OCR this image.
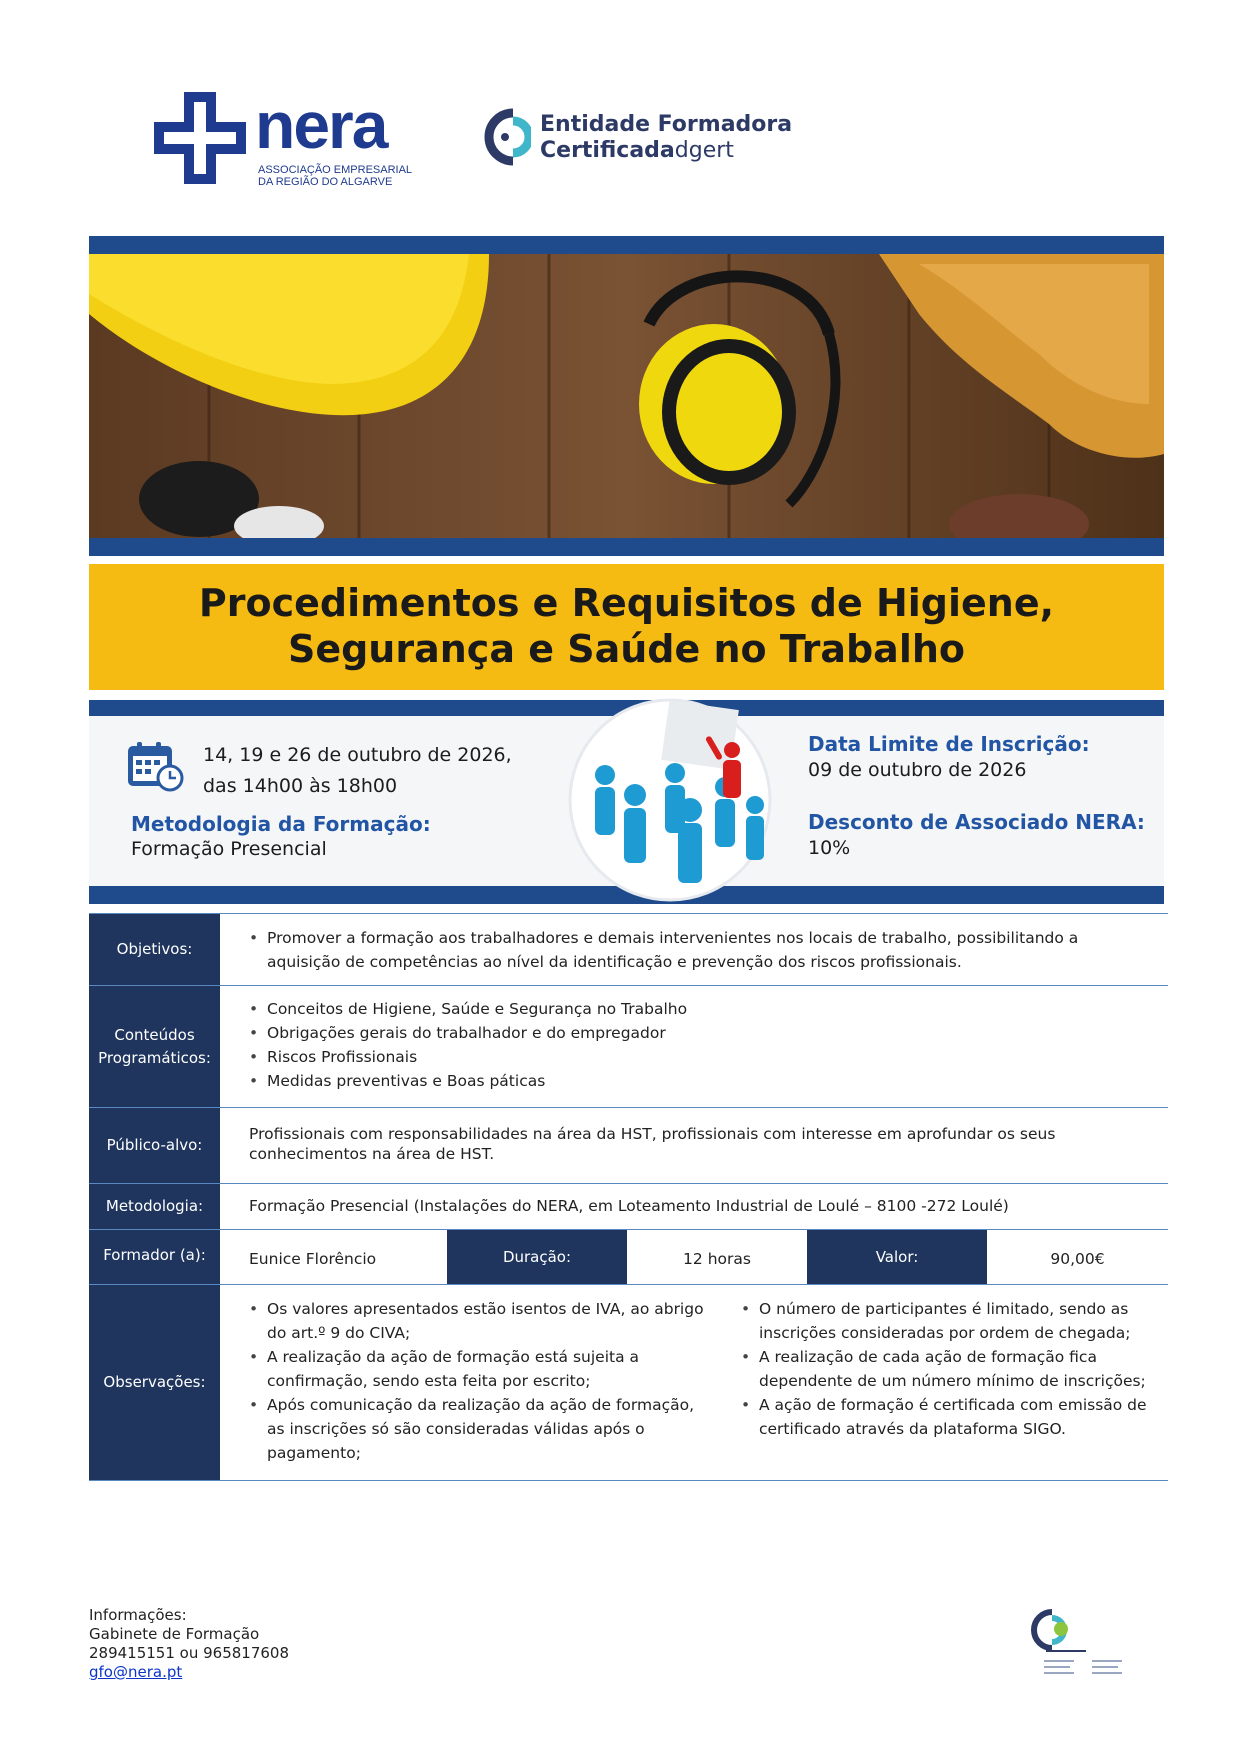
nera
ASSOCIAÇÃO EMPRESARIAL
DA REGIÃO DO ALGARVE
Entidade Formadora
Certificadadgert
Procedimentos e Requisitos de Higiene,
Segurança e Saúde no Trabalho
14, 19 e 26 de outubro de 2026,
das 14h00 às 18h00
Metodologia da Formação:
Formação Presencial
Data Limite de Inscrição:
09 de outubro de 2026
Desconto de Associado NERA:
10%
Objetivos:
• Promover a formação aos trabalhadores e demais intervenientes nos locais de trabalho, possibilitando a aquisição de competências ao nível da identificação e prevenção dos riscos profissionais.
Conteúdos
Programáticos:
• Conceitos de Higiene, Saúde e Segurança no Trabalho
• Obrigações gerais do trabalhador e do empregador
• Riscos Profissionais
• Medidas preventivas e Boas páticas
Público-alvo:
Profissionais com responsabilidades na área da HST, profissionais com interesse em aprofundar os seus conhecimentos na área de HST.
Metodologia:	Formação Presencial (Instalações do NERA, em Loteamento Industrial de Loulé – 8100 -272 Loulé)
Formador (a):	Eunice Florêncio	Duração:	12 horas	Valor:	90,00€
Observações:
• Os valores apresentados estão isentos de IVA, ao abrigo do art.º 9 do CIVA;
• A realização da ação de formação está sujeita a confirmação, sendo esta feita por escrito;
• Após comunicação da realização da ação de formação, as inscrições só são consideradas válidas após o pagamento;
• O número de participantes é limitado, sendo as inscrições consideradas por ordem de chegada;
• A realização de cada ação de formação fica dependente de um número mínimo de inscrições;
• A ação de formação é certificada com emissão de certificado através da plataforma SIGO.
Informações:
Gabinete de Formação
289415151 ou 965817608
gfo@nera.pt
